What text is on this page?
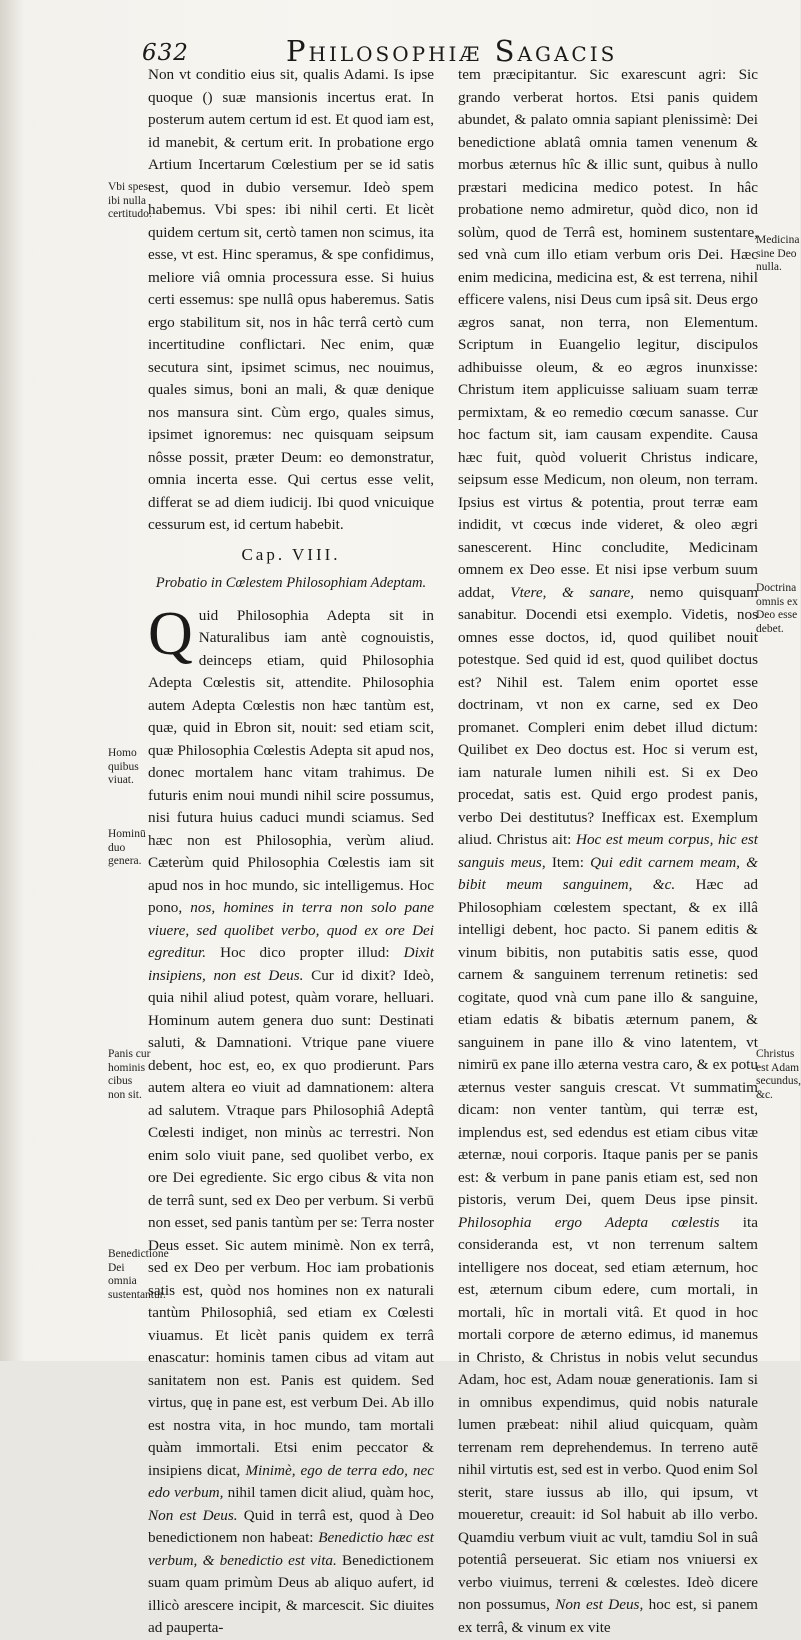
632	Philosophiæ Sagacis

Non vt conditio eius sit, qualis Adami. Is ipse quoque () suæ mansionis incertus erat. In posterum autem certum id est. Et quod iam est, id manebit, & certum erit. In probatione ergo Artium Incertarum Cœlestium per se id satis est, quod in dubio versemur. Ideò spem habemus. Vbi spes: ibi nihil certi. Et licèt quidem certum sit, certò tamen non scimus, ita esse, vt est. Hinc speramus, & spe confidimus, meliore viâ omnia processura esse. Si huius certi essemus: spe nullâ opus haberemus. Satis ergo stabilitum sit, nos in hâc terrâ certò cum incertitudine conflictari. Nec enim, quæ secutura sint, ipsimet scimus, nec nouimus, quales simus, boni an mali, & quæ denique nos mansura sint. Cùm ergo, quales simus, ipsimet ignoremus: nec quisquam seipsum nôsse possit, præter Deum: eo demonstratur, omnia incerta esse. Qui certus esse velit, differat se ad diem iudicij. Ibi quod vnicuique cessurum est, id certum habebit.

Cap. VIII.
Probatio in Cœlestem Philosophiam Adeptam.

Quid Philosophia Adepta sit in Naturalibus iam antè cognouistis, deinceps etiam, quid Philosophia Adepta Cœlestis sit, attendite. Philosophia autem Adepta Cœlestis non hæc tantùm est, quæ, quid in Ebron sit, nouit: sed etiam scit, quæ Philosophia Cœlestis Adepta sit apud nos, donec mortalem hanc vitam trahimus. De futuris enim noui mundi nihil scire possumus, nisi futura huius caduci mundi sciamus. Sed hæc non est Philosophia, verùm aliud. Cæterùm quid Philosophia Cœlestis iam sit apud nos in hoc mundo, sic intelligemus. Hoc pono, nos, homines in terra non solo pane viuere, sed quolibet verbo, quod ex ore Dei egreditur. Hoc dico propter illud: Dixit insipiens, non est Deus. Cur id dixit? Ideò, quia nihil aliud potest, quàm vorare, helluari. Hominum autem genera duo sunt: Destinati saluti, & Damnationi. Vtrique pane viuere debent, hoc est, eo, ex quo prodierunt. Pars autem altera eo viuit ad damnationem: altera ad salutem. Vtraque pars Philosophiâ Adeptâ Cœlesti indiget, non minùs ac terrestri. Non enim solo viuit pane, sed quolibet verbo, ex ore Dei egrediente. Sic ergo cibus & vita non de terrâ sunt, sed ex Deo per verbum. Si verbū non esset, sed panis tantùm per se: Terra noster Deus esset. Sic autem minimè. Non ex terrâ, sed ex Deo per verbum. Hoc iam probationis satis est, quòd nos homines non ex naturali tantùm Philosophiâ, sed etiam ex Cœlesti viuamus. Et licèt panis quidem ex terrâ enascatur: hominis tamen cibus ad vitam aut sanitatem non est. Panis est quidem. Sed virtus, quę in pane est, est verbum Dei. Ab illo est nostra vita, in hoc mundo, tam mortali quàm immortali. Etsi enim peccator & insipiens dicat, Minimè, ego de terra edo, nec edo verbum, nihil tamen dicit aliud, quàm hoc, Non est Deus. Quid in terrâ est, quod à Deo benedictionem non habeat: Benedictio hæc est verbum, & benedictio est vita. Benedictionem suam quam primùm Deus ab aliquo aufert, id illicò arescere incipit, & marcescit. Sic diuites ad pauperta-

tem præcipitantur. Sic exarescunt agri: Sic grando verberat hortos. Etsi panis quidem abundet, & palato omnia sapiant plenissimè: Dei benedictione ablatâ omnia tamen venenum & morbus æternus hîc & illic sunt, quibus à nullo præstari medicina medico potest. In hâc probatione nemo admiretur, quòd dico, non id solùm, quod de Terrâ est, hominem sustentare, sed vnà cum illo etiam verbum oris Dei. Hæc enim medicina, medicina est, & est terrena, nihil efficere valens, nisi Deus cum ipsâ sit. Deus ergo ægros sanat, non terra, non Elementum. Scriptum in Euangelio legitur, discipulos adhibuisse oleum, & eo ægros inunxisse: Christum item applicuisse saliuam suam terræ permixtam, & eo remedio cœcum sanasse. Cur hoc factum sit, iam causam expendite. Causa hæc fuit, quòd voluerit Christus indicare, seipsum esse Medicum, non oleum, non terram. Ipsius est virtus & potentia, prout terræ eam indidit, vt cœcus inde videret, & oleo ægri sanescerent. Hinc concludite, Medicinam omnem ex Deo esse. Et nisi ipse verbum suum addat, Vtere, & sanare, nemo quisquam sanabitur. Docendi etsi exemplo. Videtis, nos omnes esse doctos, id, quod quilibet nouit potestque. Sed quid id est, quod quilibet doctus est? Nihil est. Talem enim oportet esse doctrinam, vt non ex carne, sed ex Deo promanet. Compleri enim debet illud dictum: Quilibet ex Deo doctus est. Hoc si verum est, iam naturale lumen nihili est. Si ex Deo procedat, satis est. Quid ergo prodest panis, verbo Dei destitutus? Inefficax est. Exemplum aliud. Christus ait: Hoc est meum corpus, hic est sanguis meus, Item: Qui edit carnem meam, & bibit meum sanguinem, &c. Hæc ad Philosophiam cœlestem spectant, & ex illâ intelligi debent, hoc pacto. Si panem editis & vinum bibitis, non putabitis satis esse, quod carnem & sanguinem terrenum retinetis: sed cogitate, quod vnà cum pane illo & sanguine, etiam edatis & bibatis æternum panem, & sanguinem in pane illo & vino latentem, vt nimirū ex pane illo æterna vestra caro, & ex potu æternus vester sanguis crescat. Vt summatim dicam: non venter tantùm, qui terræ est, implendus est, sed edendus est etiam cibus vitæ æternæ, noui corporis. Itaque panis per se panis est: & verbum in pane panis etiam est, sed non pistoris, verum Dei, quem Deus ipse pinsit. Philosophia ergo Adepta cœlestis ita consideranda est, vt non terrenum saltem intelligere nos doceat, sed etiam æternum, hoc est, æternum cibum edere, cum mortali, in mortali, hîc in mortali vitâ. Et quod in hoc mortali corpore de æterno edimus, id manemus in Christo, & Christus in nobis velut secundus Adam, hoc est, Adam nouæ generationis. Iam si in omnibus expendimus, quid nobis naturale lumen præbeat: nihil aliud quicquam, quàm terrenam rem deprehendemus. In terreno autē nihil virtutis est, sed est in verbo. Quod enim Sol sterit, stare iussus ab illo, qui ipsum, vt moueretur, creauit: id Sol habuit ab illo verbo. Quamdiu verbum viuit ac vult, tamdiu Sol in suâ potentiâ perseuerat. Sic etiam nos vniuersi ex verbo viuimus, terreni & cœlestes. Ideò dicere non possumus, Non est Deus, hoc est, si panem ex terrâ, & vinum ex vite

Vbi spes: ibi nulla certitudo.
Homo quibus viuat.
Hominū duo genera.
Panis cur hominis cibus non sit.
Benedictione Dei omnia sustentantur.
Medicina sine Deo nulla.
Doctrina omnis ex Deo esse debet.
Christus est Adam secundus, &c.
